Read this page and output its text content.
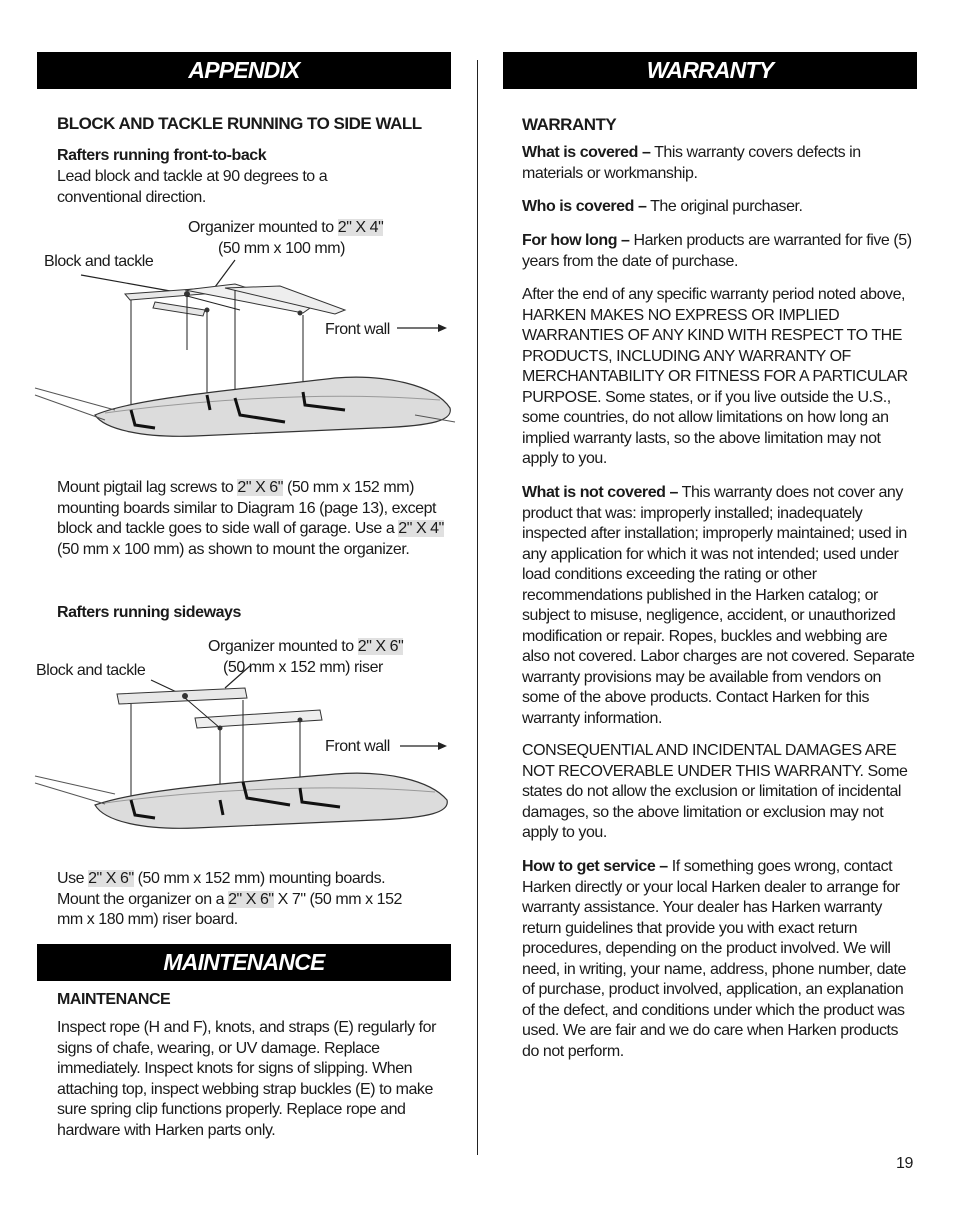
APPENDIX	WARRANTY
BLOCK AND TACKLE RUNNING TO SIDE WALL
Rafters running front-to-back
Lead block and tackle at 90 degrees to a conventional direction.
Organizer mounted to 2" X 4"
(50 mm x 100 mm)
Block and tackle
Front wall
Mount pigtail lag screws to 2" X 6" (50 mm x 152 mm) mounting boards similar to Diagram 16 (page 13), except block and tackle goes to side wall of garage. Use a 2" X 4" (50 mm x 100 mm) as shown to mount the organizer.
Rafters running sideways
Organizer mounted to 2" X 6"
(50 mm x 152 mm) riser
Block and tackle
Front wall
Use 2" X 6" (50 mm x 152 mm) mounting boards. Mount the organizer on a 2" X 6" X 7" (50 mm x 152 mm x 180 mm) riser board.
MAINTENANCE
MAINTENANCE
Inspect rope (H and F), knots, and straps (E) regularly for signs of chafe, wearing, or UV damage. Replace immediately. Inspect knots for signs of slipping. When attaching top, inspect webbing strap buckles (E) to make sure spring clip functions properly. Replace rope and hardware with Harken parts only.
WARRANTY
What is covered – This warranty covers defects in materials or workmanship.
Who is covered – The original purchaser.
For how long – Harken products are warranted for five (5) years from the date of purchase.
After the end of any specific warranty period noted above, HARKEN MAKES NO EXPRESS OR IMPLIED WARRANTIES OF ANY KIND WITH RESPECT TO THE PRODUCTS, INCLUDING ANY WARRANTY OF MERCHANTABILITY OR FITNESS FOR A PARTICULAR PURPOSE. Some states, or if you live outside the U.S., some countries, do not allow limitations on how long an implied warranty lasts, so the above limitation may not apply to you.
What is not covered – This warranty does not cover any product that was: improperly installed; inadequately inspected after installation; improperly maintained; used in any application for which it was not intended; used under load conditions exceeding the rating or other recommendations published in the Harken catalog; or subject to misuse, negligence, accident, or unauthorized modification or repair. Ropes, buckles and webbing are also not covered. Labor charges are not covered. Separate warranty provisions may be available from vendors on some of the above products. Contact Harken for this warranty information.
CONSEQUENTIAL AND INCIDENTAL DAMAGES ARE NOT RECOVERABLE UNDER THIS WARRANTY. Some states do not allow the exclusion or limitation of incidental damages, so the above limitation or exclusion may not apply to you.
How to get service – If something goes wrong, contact Harken directly or your local Harken dealer to arrange for warranty assistance. Your dealer has Harken warranty return guidelines that provide you with exact return procedures, depending on the product involved. We will need, in writing, your name, address, phone number, date of purchase, product involved, application, an explanation of the defect, and conditions under which the product was used. We are fair and we do care when Harken products do not perform.
19
